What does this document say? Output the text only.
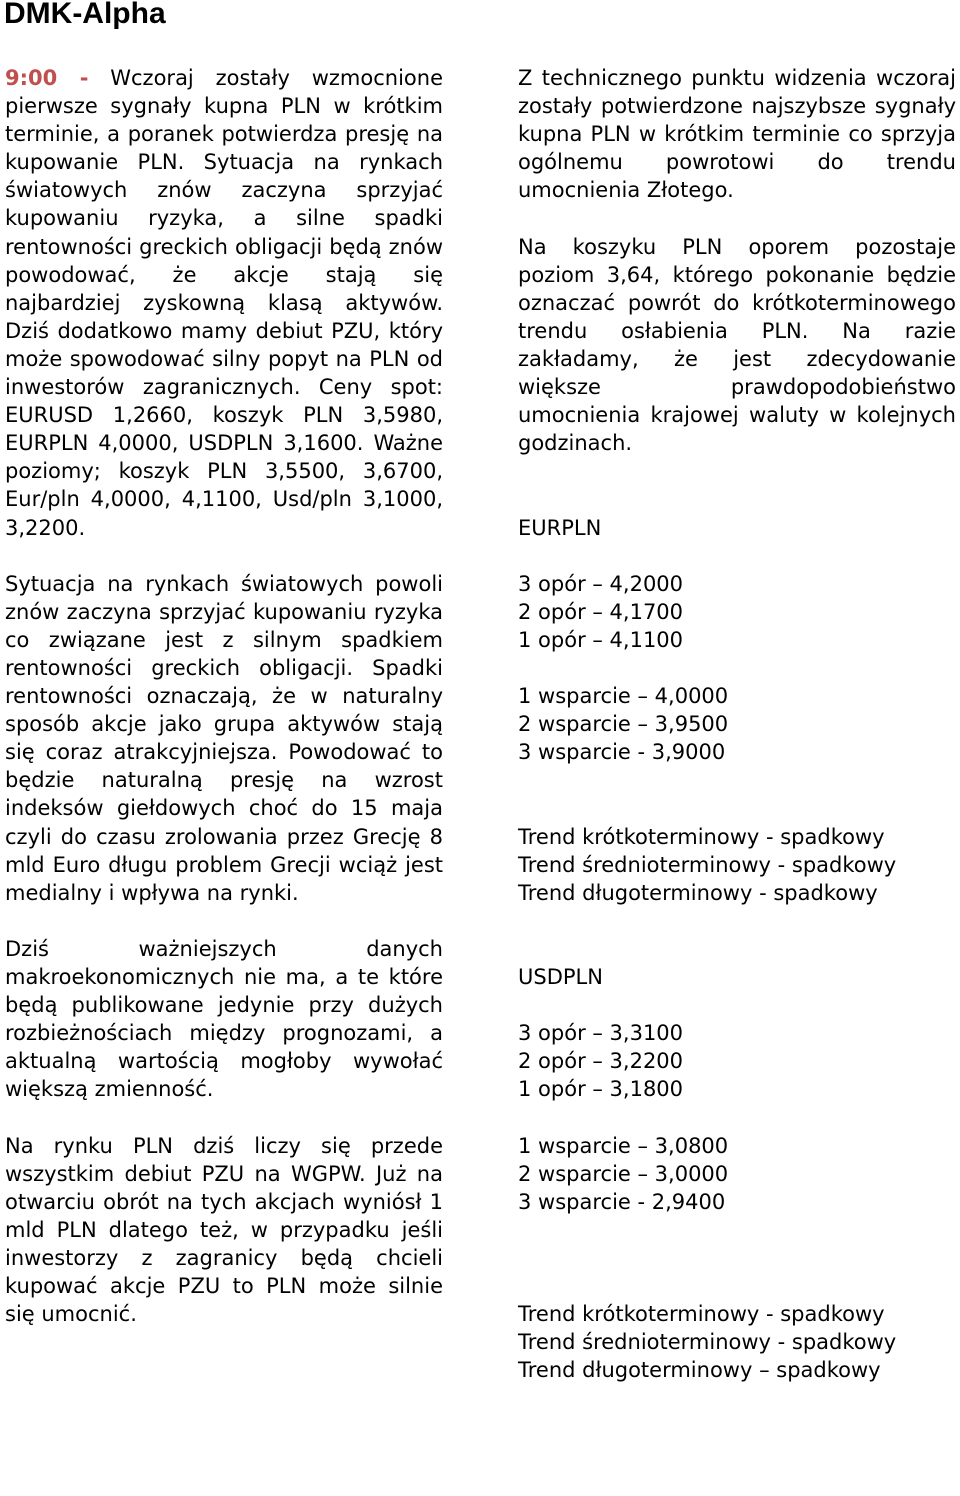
DMK-Alpha

9:00 - Wczoraj zostały wzmocnione pierwsze sygnały kupna PLN w krótkim terminie, a poranek potwierdza presję na kupowanie PLN. Sytuacja na rynkach światowych znów zaczyna sprzyjać kupowaniu ryzyka, a silne spadki rentowności greckich obligacji będą znów powodować, że akcje stają się najbardziej zyskowną klasą aktywów. Dziś dodatkowo mamy debiut PZU, który może spowodować silny popyt na PLN od inwestorów zagranicznych. Ceny spot: EURUSD 1,2660, koszyk PLN 3,5980, EURPLN 4,0000, USDPLN 3,1600. Ważne poziomy; koszyk PLN 3,5500, 3,6700, Eur/pln 4,0000, 4,1100, Usd/pln 3,1000, 3,2200.

Sytuacja na rynkach światowych powoli znów zaczyna sprzyjać kupowaniu ryzyka co związane jest z silnym spadkiem rentowności greckich obligacji. Spadki rentowności oznaczają, że w naturalny sposób akcje jako grupa aktywów stają się coraz atrakcyjniejsza. Powodować to będzie naturalną presję na wzrost indeksów giełdowych choć do 15 maja czyli do czasu zrolowania przez Grecję 8 mld Euro długu problem Grecji wciąż jest medialny i wpływa na rynki.

Dziś ważniejszych danych makroekonomicznych nie ma, a te które będą publikowane jedynie przy dużych rozbieżnościach między prognozami, a aktualną wartością mogłoby wywołać większą zmienność.

Na rynku PLN dziś liczy się przede wszystkim debiut PZU na WGPW. Już na otwarciu obrót na tych akcjach wyniósł 1 mld PLN dlatego też, w przypadku jeśli inwestorzy z zagranicy będą chcieli kupować akcje PZU to PLN może silnie się umocnić.

Z technicznego punktu widzenia wczoraj zostały potwierdzone najszybsze sygnały kupna PLN w krótkim terminie co sprzyja ogólnemu powrotowi do trendu umocnienia Złotego.

Na koszyku PLN oporem pozostaje poziom 3,64, którego pokonanie będzie oznaczać powrót do krótkoterminowego trendu osłabienia PLN. Na razie zakładamy, że jest zdecydowanie większe prawdopodobieństwo umocnienia krajowej waluty w kolejnych godzinach.

EURPLN
3 opór – 4,2000
2 opór – 4,1700
1 opór – 4,1100
1 wsparcie – 4,0000
2 wsparcie – 3,9500
3 wsparcie - 3,9000
Trend krótkoterminowy - spadkowy
Trend średnioterminowy - spadkowy
Trend długoterminowy - spadkowy
USDPLN
3 opór – 3,3100
2 opór – 3,2200
1 opór – 3,1800
1 wsparcie – 3,0800
2 wsparcie – 3,0000
3 wsparcie - 2,9400
Trend krótkoterminowy - spadkowy
Trend średnioterminowy - spadkowy
Trend długoterminowy – spadkowy
